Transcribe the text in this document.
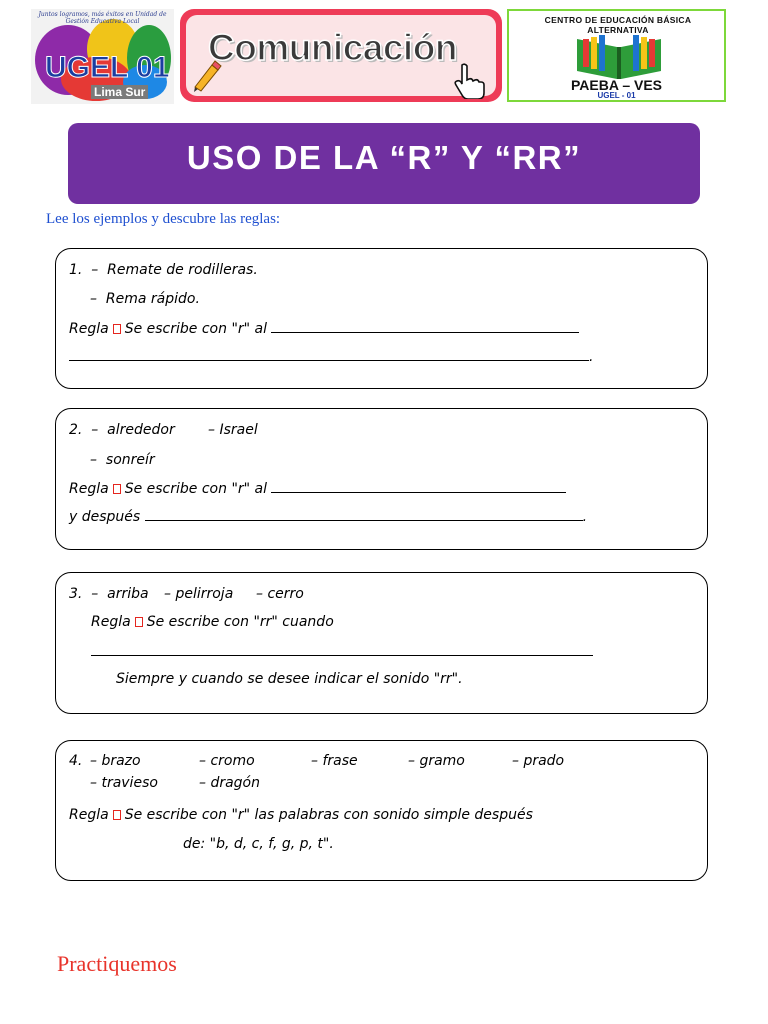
Juntos logramos, más éxitos en Unidad de Gestión Educativa Local
UGEL 01
Lima Sur
Comunicación
CENTRO DE EDUCACIÓN BÁSICA ALTERNATIVA
PAEBA – VES
UGEL - 01
USO DE LA “R” Y “RR”
Lee los ejemplos y descubre las reglas:
1.  –  Remate de rodilleras.
–  Rema rápido.
Regla Se escribe con "r" al
.
2.  –  alrededor – Israel
–  sonreír
Regla Se escribe con "r" al
y después	.
3.  –  arriba – pelirroja – cerro
Regla Se escribe con "rr" cuando
Siempre y cuando se desee indicar el sonido "rr".
4. – brazo	– cromo	– frase	– gramo	– prado
– travieso	– dragón
Regla Se escribe con "r" las palabras con sonido simple después
de: "b, d, c, f, g, p, t".
Practiquemos
